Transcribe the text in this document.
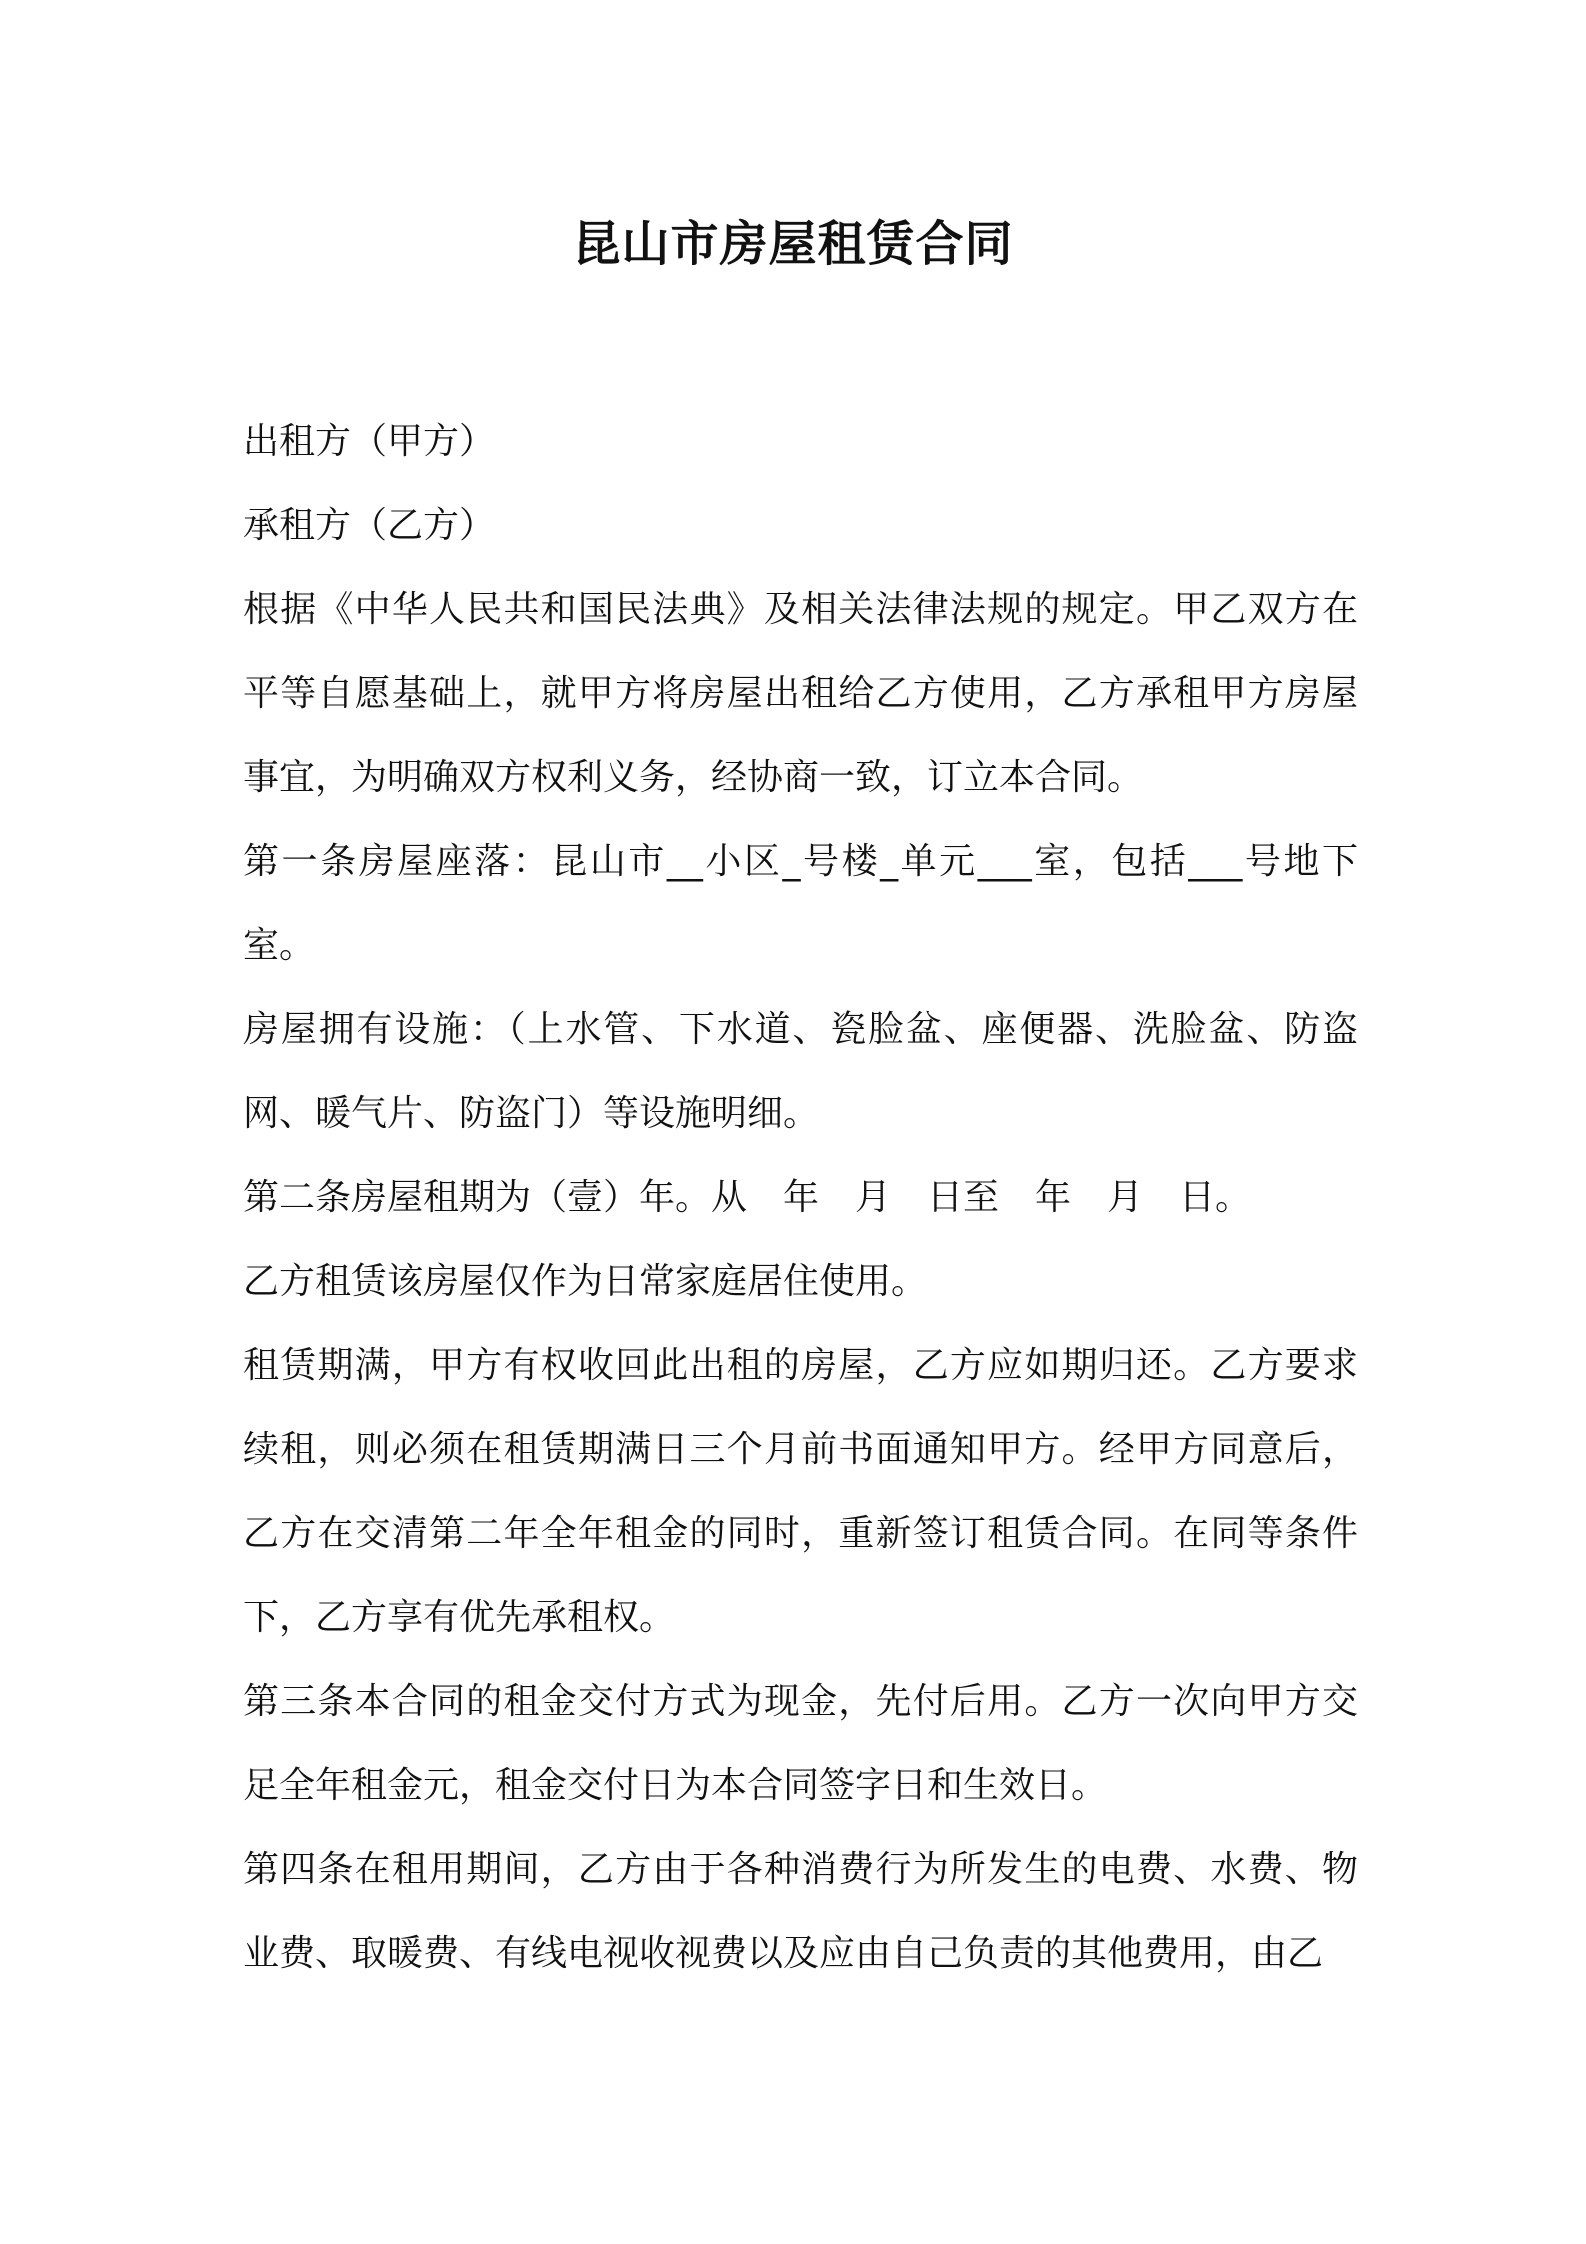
昆山市房屋租赁合同

出租方（甲方）

承租方（乙方）

根据《中华人民共和国民法典》及相关法律法规的规定。甲乙双方在平等自愿基础上，就甲方将房屋出租给乙方使用，乙方承租甲方房屋事宜，为明确双方权利义务，经协商一致，订立本合同。

第一条房屋座落：昆山市__小区_号楼_单元___室，包括___号地下室。

房屋拥有设施：（上水管、下水道、瓷脸盆、座便器、洗脸盆、防盗网、暖气片、防盗门）等设施明细。

第二条房屋租期为（壹）年。从　年　月　日至　年　月　日。

乙方租赁该房屋仅作为日常家庭居住使用。

租赁期满，甲方有权收回此出租的房屋，乙方应如期归还。乙方要求续租，则必须在租赁期满日三个月前书面通知甲方。经甲方同意后，乙方在交清第二年全年租金的同时，重新签订租赁合同。在同等条件下，乙方享有优先承租权。

第三条本合同的租金交付方式为现金，先付后用。乙方一次向甲方交足全年租金元，租金交付日为本合同签字日和生效日。

第四条在租用期间，乙方由于各种消费行为所发生的电费、水费、物业费、取暖费、有线电视收视费以及应由自己负责的其他费用，由乙
